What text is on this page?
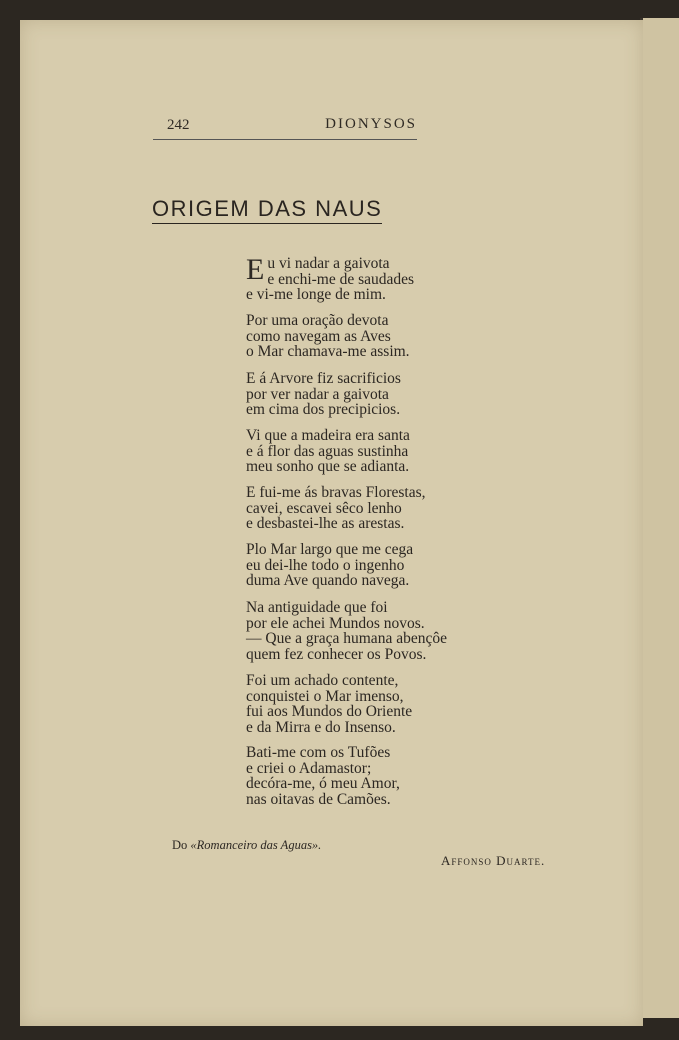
242	DIONYSOS
ORIGEM DAS NAUS
E u vi nadar a gaivota
e enchi-me de saudades
e vi-me longe de mim.
Por uma oração devota
como navegam as Aves
o Mar chamava-me assim.
E á Arvore fiz sacrificios
por ver nadar a gaivota
em cima dos precipicios.
Vi que a madeira era santa
e á flor das aguas sustinha
meu sonho que se adianta.
E fui-me ás bravas Florestas,
cavei, escavei sêco lenho
e desbastei-lhe as arestas.
Plo Mar largo que me cega
eu dei-lhe todo o ingenho
duma Ave quando navega.
Na antiguidade que foi
por ele achei Mundos novos.
— Que a graça humana abençôe
quem fez conhecer os Povos.
Foi um achado contente,
conquistei o Mar imenso,
fui aos Mundos do Oriente
e da Mirra e do Insenso.
Bati-me com os Tufões
e criei o Adamastor;
decóra-me, ó meu Amor,
nas oitavas de Camões.
Do «Romanceiro das Aguas».
Affonso Duarte.
